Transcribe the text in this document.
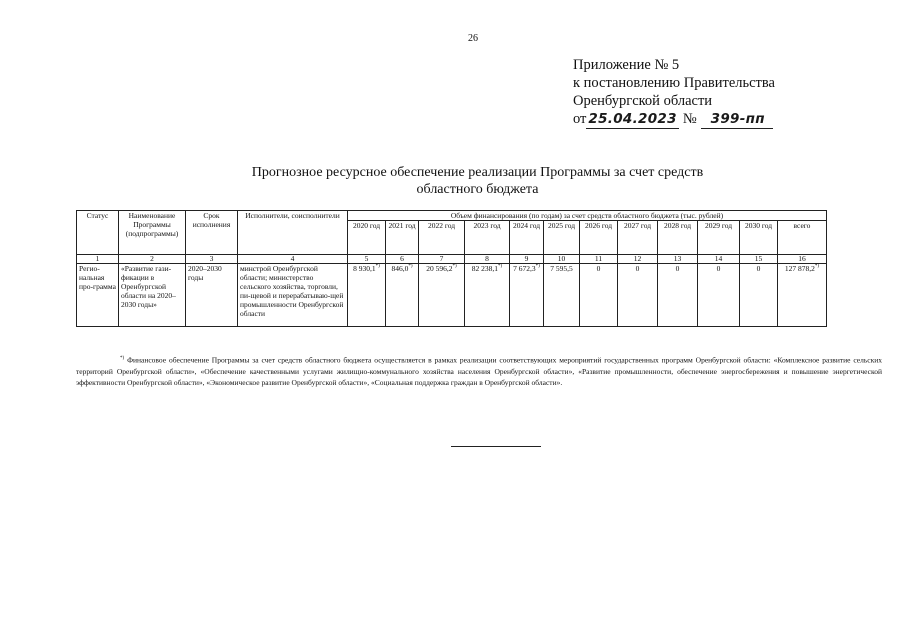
26
Приложение № 5
к постановлению Правительства
Оренбургской области
от 25.04.2023 №	399-пп
Прогнозное ресурсное обеспечение реализации Программы за счет средств
областного бюджета
Статус	Наименование Программы (подпрограммы)	Срок исполнения	Исполнители, соисполнители	Объем финансирования (по годам) за счет средств областного бюджета (тыс. рублей)											
				2020 год	2021 год	2022 год	2023 год	2024 год	2025 год	2026 год	2027 год	2028 год	2029 год	2030 год	всего
1	2	3	4	5	6	7	8	9	10	11	12	13	14	15	16
Регио-нальная про-грамма	«Развитие гази-фикации в Оренбургской области на 2020–2030 годы»	2020–2030 годы	минстрой Оренбургской области; министерство сельского хозяйства, торговли, пи-щевой и перерабатываю-щей промышленности Оренбургской области	8 930,1*)	846,0*)	20 596,2*)	82 238,1*)	7 672,3*)	7 595,5	0	0	0	0	0	127 878,2*)
*) Финансовое обеспечение Программы за счет средств областного бюджета осуществляется в рамках реализации соответствующих мероприятий государственных программ Оренбургской области: «Комплексное развитие сельских территорий Оренбургской области», «Обеспечение качественными услугами жилищно-коммунального хозяйства населения Оренбургской области», «Развитие промышленности, обеспечение энергосбережения и повышение энергетической эффективности Оренбургской области», «Экономическое развитие Оренбургской области», «Социальная поддержка граждан в Оренбургской области».
